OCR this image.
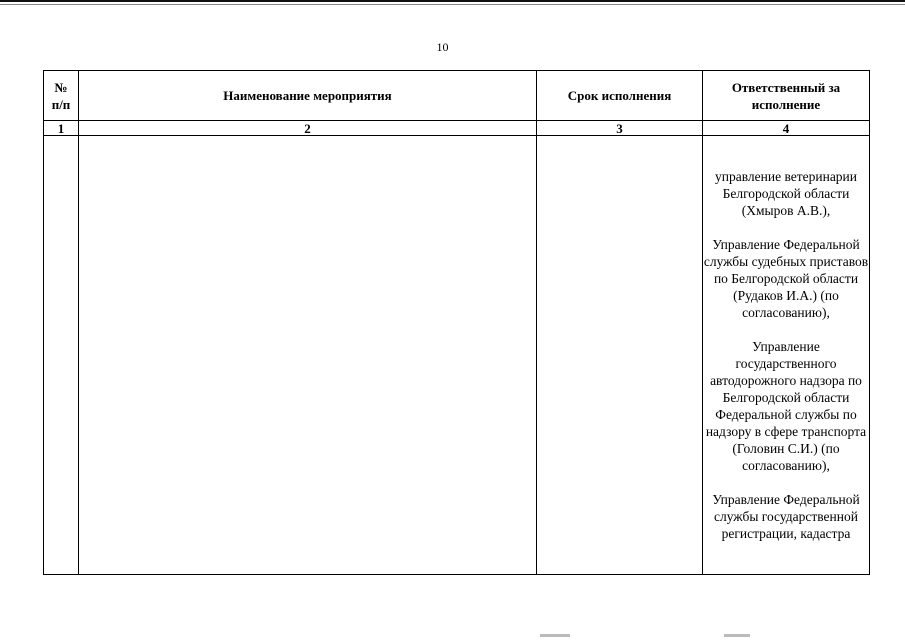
10
№
п/п	Наименование мероприятия	Срок исполнения	Ответственный за исполнение
1	2	3	4

			управление ветеринарии Белгородской области (Хмыров А.В.),
Управление Федеральной службы судебных приставов по Белгородской области (Рудаков И.А.) (по согласованию),
Управление государственного автодорожного надзора по Белгородской области Федеральной службы по надзору в сфере транспорта (Головин С.И.) (по согласованию),
Управление Федеральной службы государственной регистрации, кадастра
